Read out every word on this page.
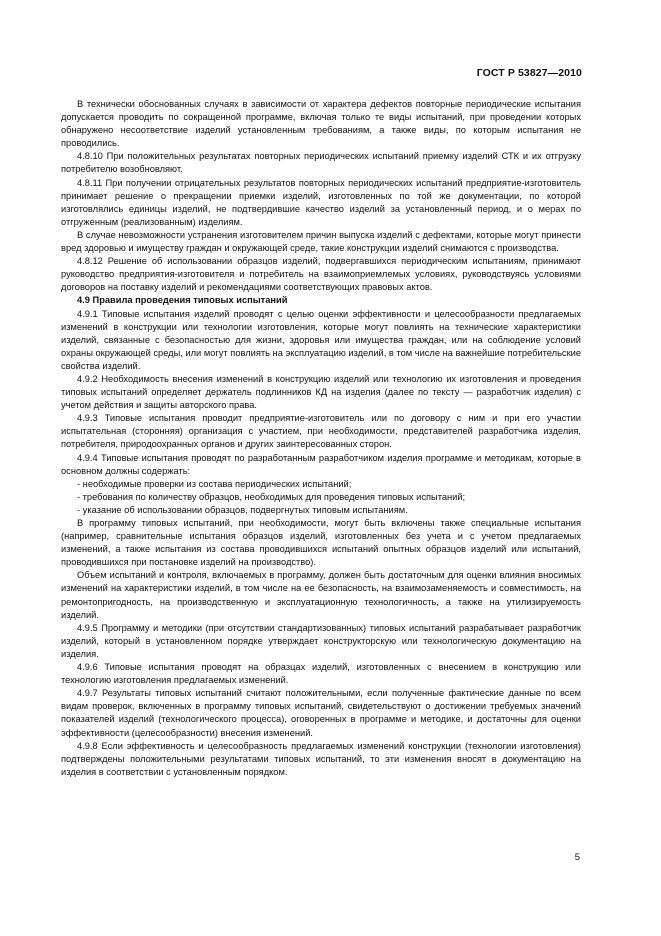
ГОСТ Р 53827—2010

В технически обоснованных случаях в зависимости от характера дефектов повторные периодические испытания допускается проводить по сокращенной программе, включая только те виды испытаний, при проведении которых обнаружено несоответствие изделий установленным требованиям, а также виды, по которым испытания не проводились.

4.8.10 При положительных результатах повторных периодических испытаний приемку изделий СТК и их отгрузку потребителю возобновляют.

4.8.11 При получении отрицательных результатов повторных периодических испытаний предприятие-изготовитель принимает решение о прекращении приемки изделий, изготовленных по той же документации, по которой изготовлялись единицы изделий, не подтвердившие качество изделий за установленный период, и о мерах по отгруженным (реализованным) изделиям.

В случае невозможности устранения изготовителем причин выпуска изделий с дефектами, которые могут принести вред здоровью и имуществу граждан и окружающей среде, такие конструкции изделий снимаются с производства.

4.8.12 Решение об использовании образцов изделий, подвергавшихся периодическим испытаниям, принимают руководство предприятия-изготовителя и потребитель на взаимоприемлемых условиях, руководствуясь условиями договоров на поставку изделий и рекомендациями соответствующих правовых актов.

4.9 Правила проведения типовых испытаний

4.9.1 Типовые испытания изделий проводят с целью оценки эффективности и целесообразности предлагаемых изменений в конструкции или технологии изготовления, которые могут повлиять на технические характеристики изделий, связанные с безопасностью для жизни, здоровья или имущества граждан, или на соблюдение условий охраны окружающей среды, или могут повлиять на эксплуатацию изделий, в том числе на важнейшие потребительские свойства изделий.

4.9.2 Необходимость внесения изменений в конструкцию изделий или технологию их изготовления и проведения типовых испытаний определяет держатель подлинников КД на изделия (далее по тексту — разработчик изделия) с учетом действия и защиты авторского права.

4.9.3 Типовые испытания проводит предприятие-изготовитель или по договору с ним и при его участии испытательная (сторонняя) организация с участием, при необходимости, представителей разработчика изделия, потребителя, природоохранных органов и других заинтересованных сторон.

4.9.4 Типовые испытания проводят по разработанным разработчиком изделия программе и методикам, которые в основном должны содержать:

- необходимые проверки из состава периодических испытаний;
- требования по количеству образцов, необходимых для проведения типовых испытаний;
- указание об использовании образцов, подвергнутых типовым испытаниям.

В программу типовых испытаний, при необходимости, могут быть включены также специальные испытания (например, сравнительные испытания образцов изделий, изготовленных без учета и с учетом предлагаемых изменений, а также испытания из состава проводившихся испытаний опытных образцов изделий или испытаний, проводившихся при постановке изделий на производство).

Объем испытаний и контроля, включаемых в программу, должен быть достаточным для оценки влияния вносимых изменений на характеристики изделий, в том числе на ее безопасность, на взаимозаменяемость и совместимость, на ремонтопригодность, на производственную и эксплуатационную технологичность, а также на утилизируемость изделий.

4.9.5 Программу и методики (при отсутствии стандартизованных) типовых испытаний разрабатывает разработчик изделий, который в установленном порядке утверждает конструкторскую или технологическую документацию на изделия.

4.9.6 Типовые испытания проводят на образцах изделий, изготовленных с внесением в конструкцию или технологию изготовления предлагаемых изменений.

4.9.7 Результаты типовых испытаний считают положительными, если полученные фактические данные по всем видам проверок, включенных в программу типовых испытаний, свидетельствуют о достижении требуемых значений показателей изделий (технологического процесса), оговоренных в программе и методике, и достаточны для оценки эффективности (целесообразности) внесения изменений.

4.9.8 Если эффективность и целесообразность предлагаемых изменений конструкции (технологии изготовления) подтверждены положительными результатами типовых испытаний, то эти изменения вносят в документацию на изделия в соответствии с установленным порядком.

5
